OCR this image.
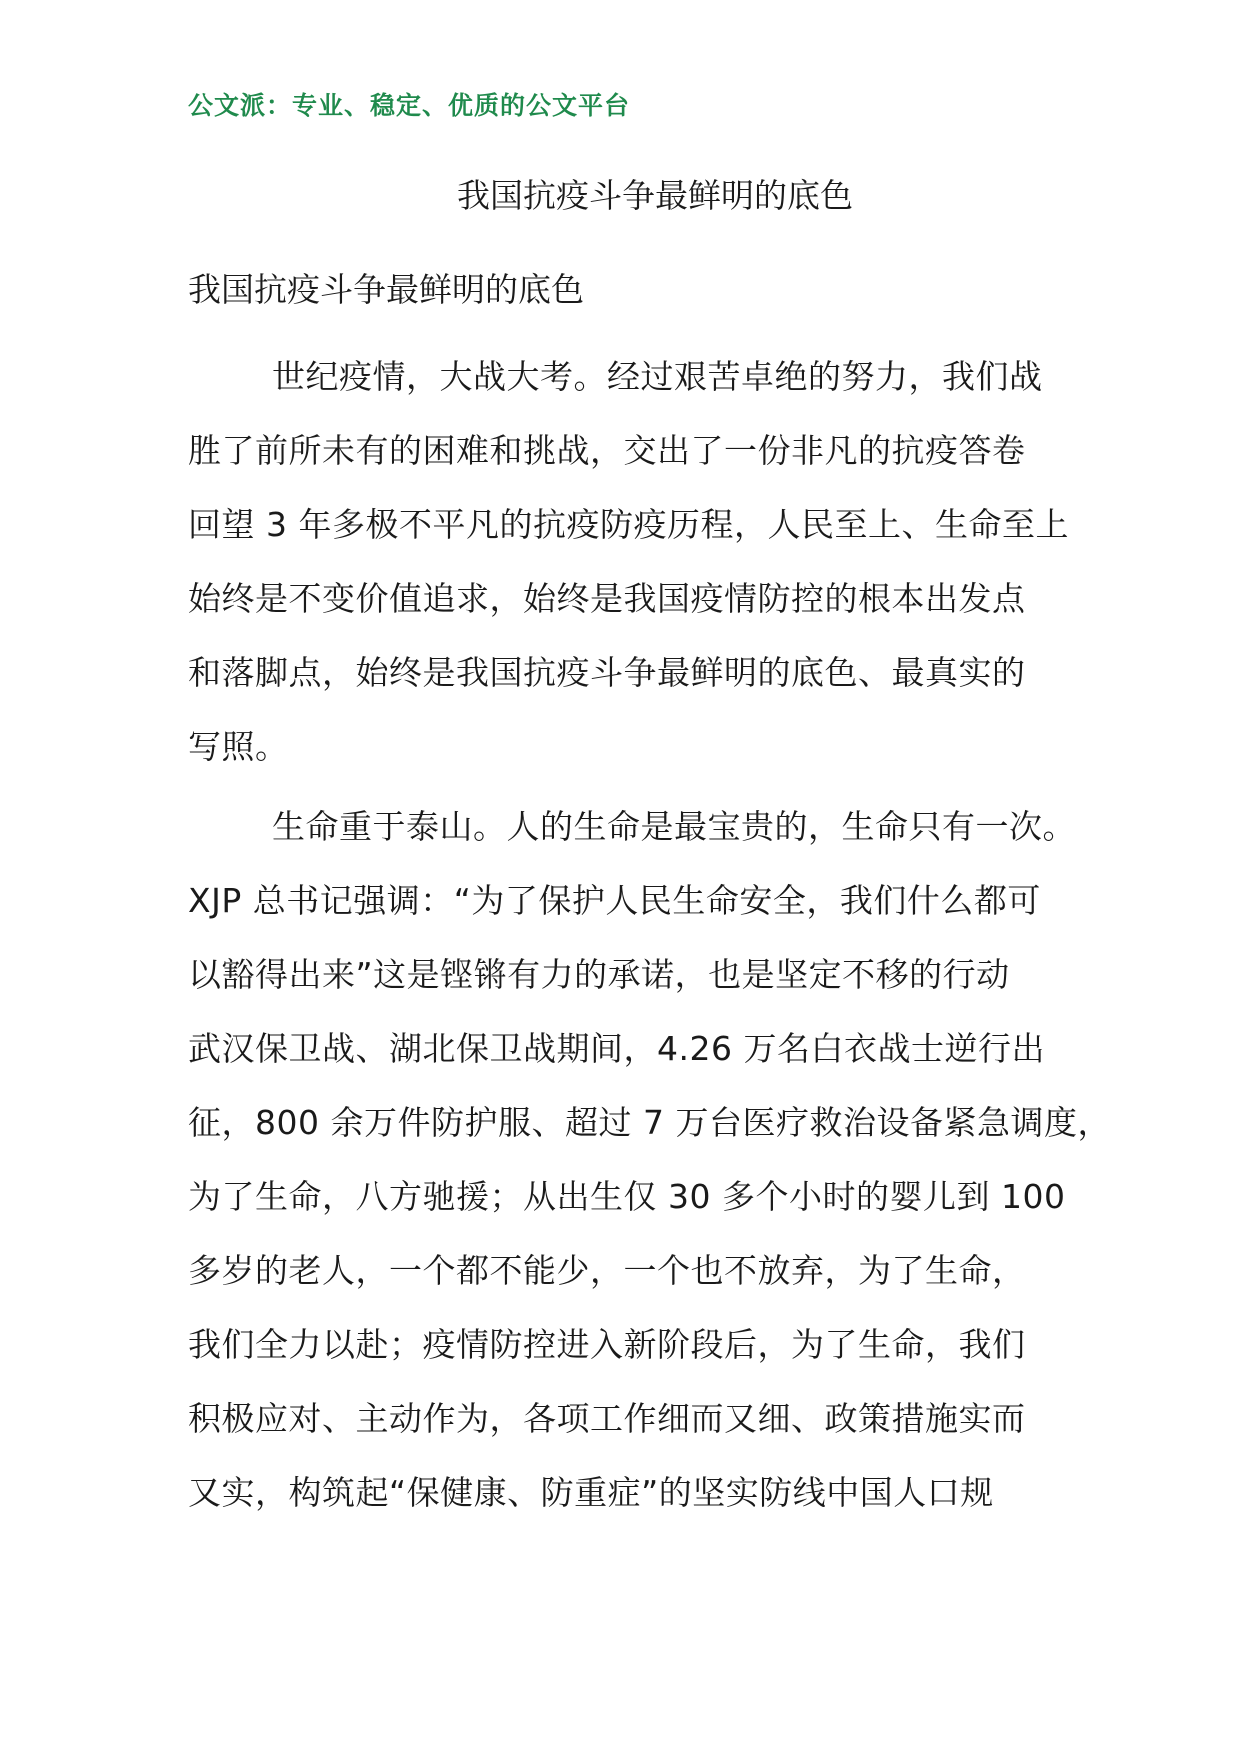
公文派：专业、稳定、优质的公文平台
我国抗疫斗争最鲜明的底色
我国抗疫斗争最鲜明的底色
世纪疫情，大战大考。经过艰苦卓绝的努力，我们战
胜了前所未有的困难和挑战，交出了一份非凡的抗疫答卷
回望 3 年多极不平凡的抗疫防疫历程，人民至上、生命至上
始终是不变价值追求，始终是我国疫情防控的根本出发点
和落脚点，始终是我国抗疫斗争最鲜明的底色、最真实的
写照。
生命重于泰山。人的生命是最宝贵的，生命只有一次。
XJP 总书记强调：“为了保护人民生命安全，我们什么都可
以豁得出来”这是铿锵有力的承诺，也是坚定不移的行动
武汉保卫战、湖北保卫战期间，4.26 万名白衣战士逆行出
征，800 余万件防护服、超过 7 万台医疗救治设备紧急调度，
为了生命，八方驰援；从出生仅 30 多个小时的婴儿到 100
多岁的老人，一个都不能少，一个也不放弃，为了生命，
我们全力以赴；疫情防控进入新阶段后，为了生命，我们
积极应对、主动作为，各项工作细而又细、政策措施实而
又实，构筑起“保健康、防重症”的坚实防线中国人口规
